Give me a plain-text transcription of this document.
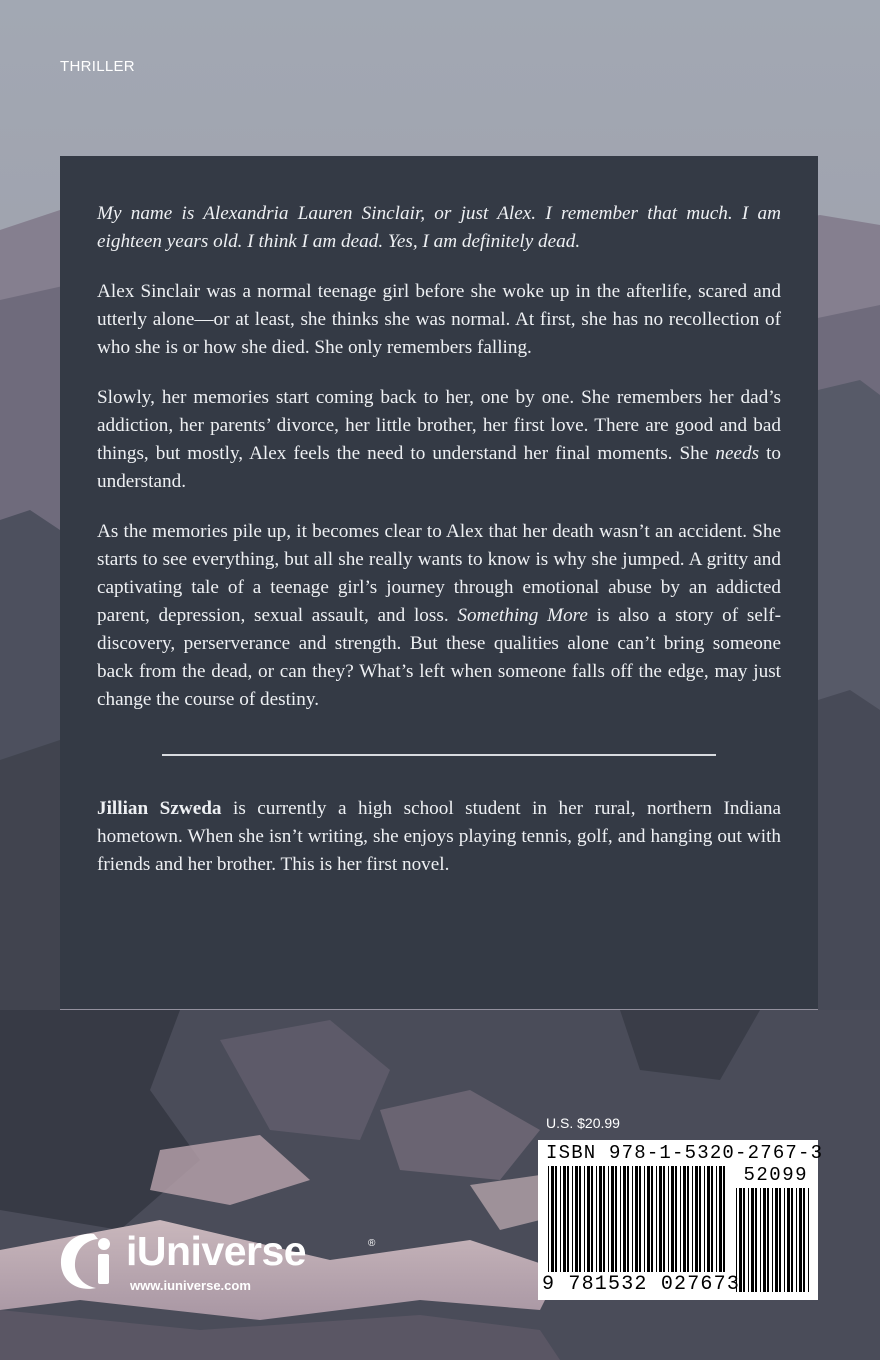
THRILLER

My name is Alexandria Lauren Sinclair, or just Alex. I remember that much. I am eighteen years old. I think I am dead. Yes, I am definitely dead.

Alex Sinclair was a normal teenage girl before she woke up in the afterlife, scared and utterly alone—or at least, she thinks she was normal. At first, she has no recollection of who she is or how she died. She only remembers falling.

Slowly, her memories start coming back to her, one by one. She remembers her dad’s addiction, her parents’ divorce, her little brother, her first love. There are good and bad things, but mostly, Alex feels the need to understand her final moments. She needs to understand.

As the memories pile up, it becomes clear to Alex that her death wasn’t an accident. She starts to see everything, but all she really wants to know is why she jumped. A gritty and captivating tale of a teenage girl’s journey through emotional abuse by an addicted parent, depression, sexual assault, and loss. Something More is also a story of self-discovery, perserverance and strength. But these qualities alone can’t bring someone back from the dead, or can they? What’s left when someone falls off the edge, may just change the course of destiny.

Jillian Szweda is currently a high school student in her rural, northern Indiana hometown. When she isn’t writing, she enjoys playing tennis, golf, and hanging out with friends and her brother. This is her first novel.

U.S. $20.99
ISBN 978-1-5320-2767-3
52099
9 781532 027673
iUniverse	®
www.iuniverse.com
